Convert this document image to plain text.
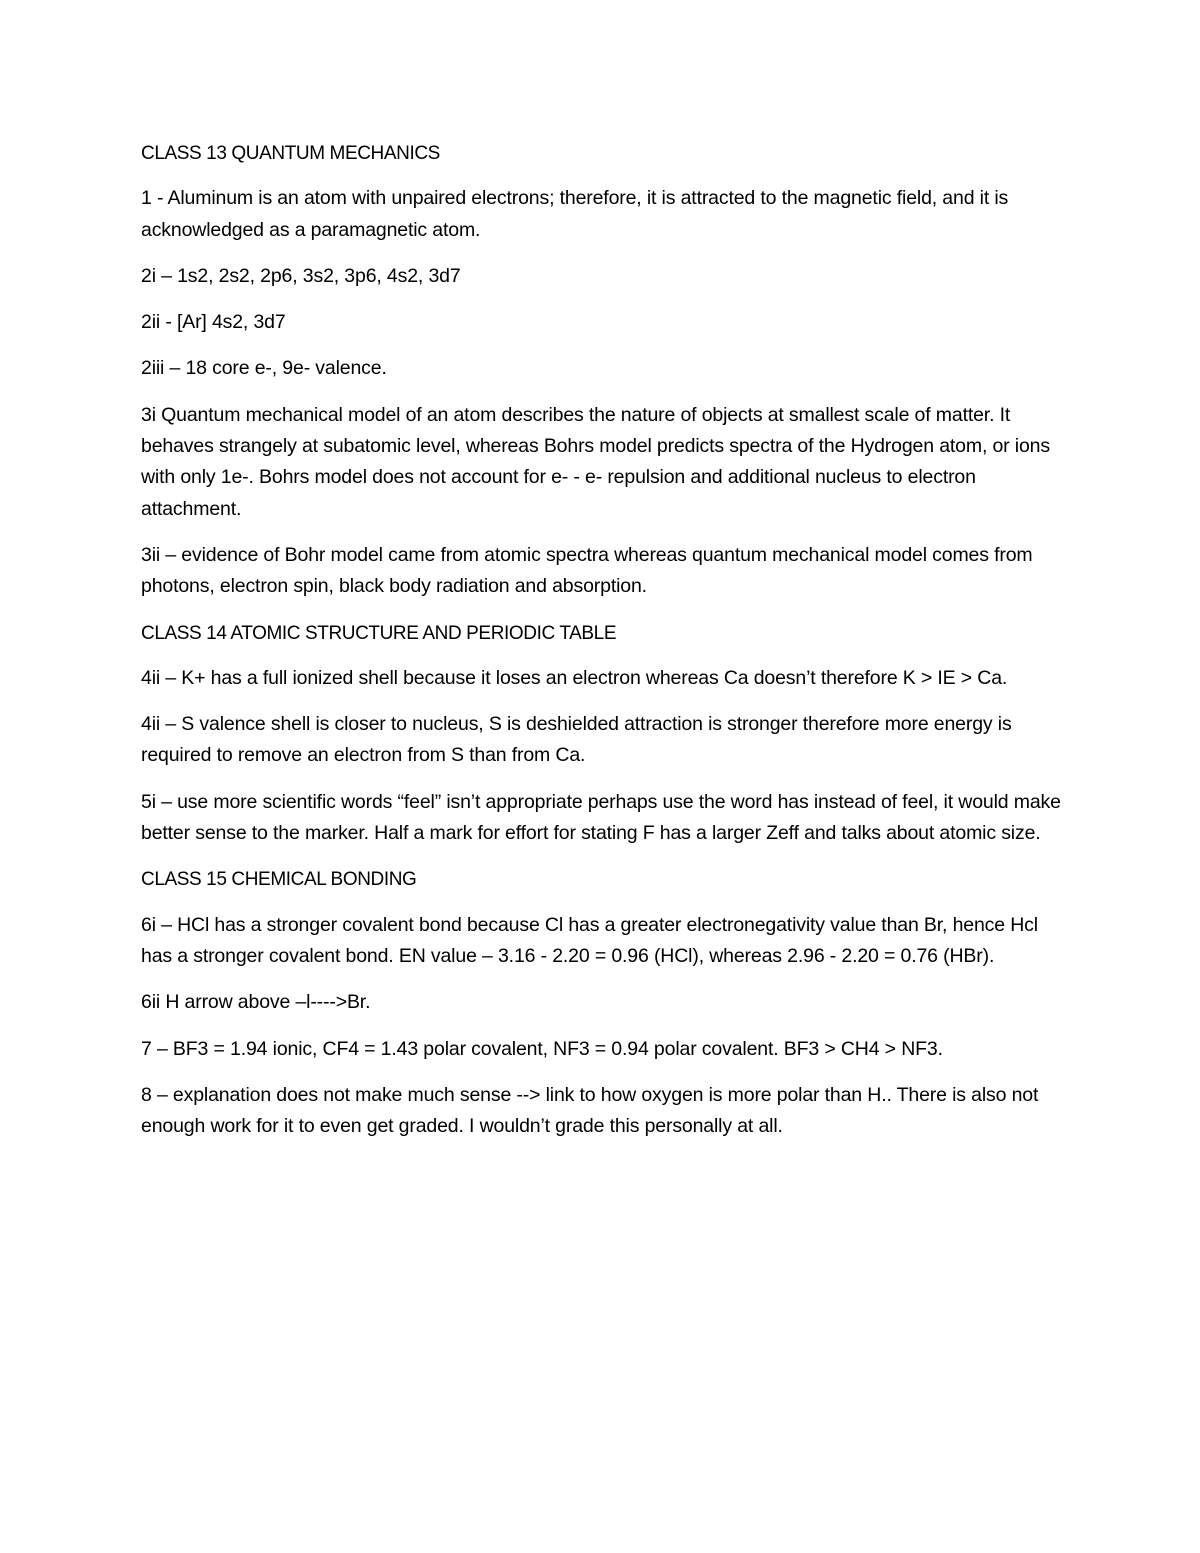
CLASS 13 QUANTUM MECHANICS

1 - Aluminum is an atom with unpaired electrons; therefore, it is attracted to the magnetic field, and it is acknowledged as a paramagnetic atom.

2i – 1s2, 2s2, 2p6, 3s2, 3p6, 4s2, 3d7

2ii - [Ar] 4s2, 3d7

2iii – 18 core e-, 9e- valence.

3i Quantum mechanical model of an atom describes the nature of objects at smallest scale of matter. It behaves strangely at subatomic level, whereas Bohrs model predicts spectra of the Hydrogen atom, or ions with only 1e-. Bohrs model does not account for e- - e- repulsion and additional nucleus to electron attachment.

3ii – evidence of Bohr model came from atomic spectra whereas quantum mechanical model comes from photons, electron spin, black body radiation and absorption.

CLASS 14 ATOMIC STRUCTURE AND PERIODIC TABLE

4ii – K+ has a full ionized shell because it loses an electron whereas Ca doesn’t therefore K > IE > Ca.

4ii – S valence shell is closer to nucleus, S is deshielded attraction is stronger therefore more energy is required to remove an electron from S than from Ca.

5i – use more scientific words “feel” isn’t appropriate perhaps use the word has instead of feel, it would make better sense to the marker. Half a mark for effort for stating F has a larger Zeff and talks about atomic size.

CLASS 15 CHEMICAL BONDING

6i – HCl has a stronger covalent bond because Cl has a greater electronegativity value than Br, hence Hcl has a stronger covalent bond. EN value – 3.16 - 2.20 = 0.96 (HCl), whereas 2.96 - 2.20 = 0.76 (HBr).

6ii H arrow above –l---->Br.

7 – BF3 = 1.94 ionic, CF4 = 1.43 polar covalent, NF3 = 0.94 polar covalent. BF3 > CH4 > NF3.

8 – explanation does not make much sense --> link to how oxygen is more polar than H.. There is also not enough work for it to even get graded. I wouldn’t grade this personally at all.
